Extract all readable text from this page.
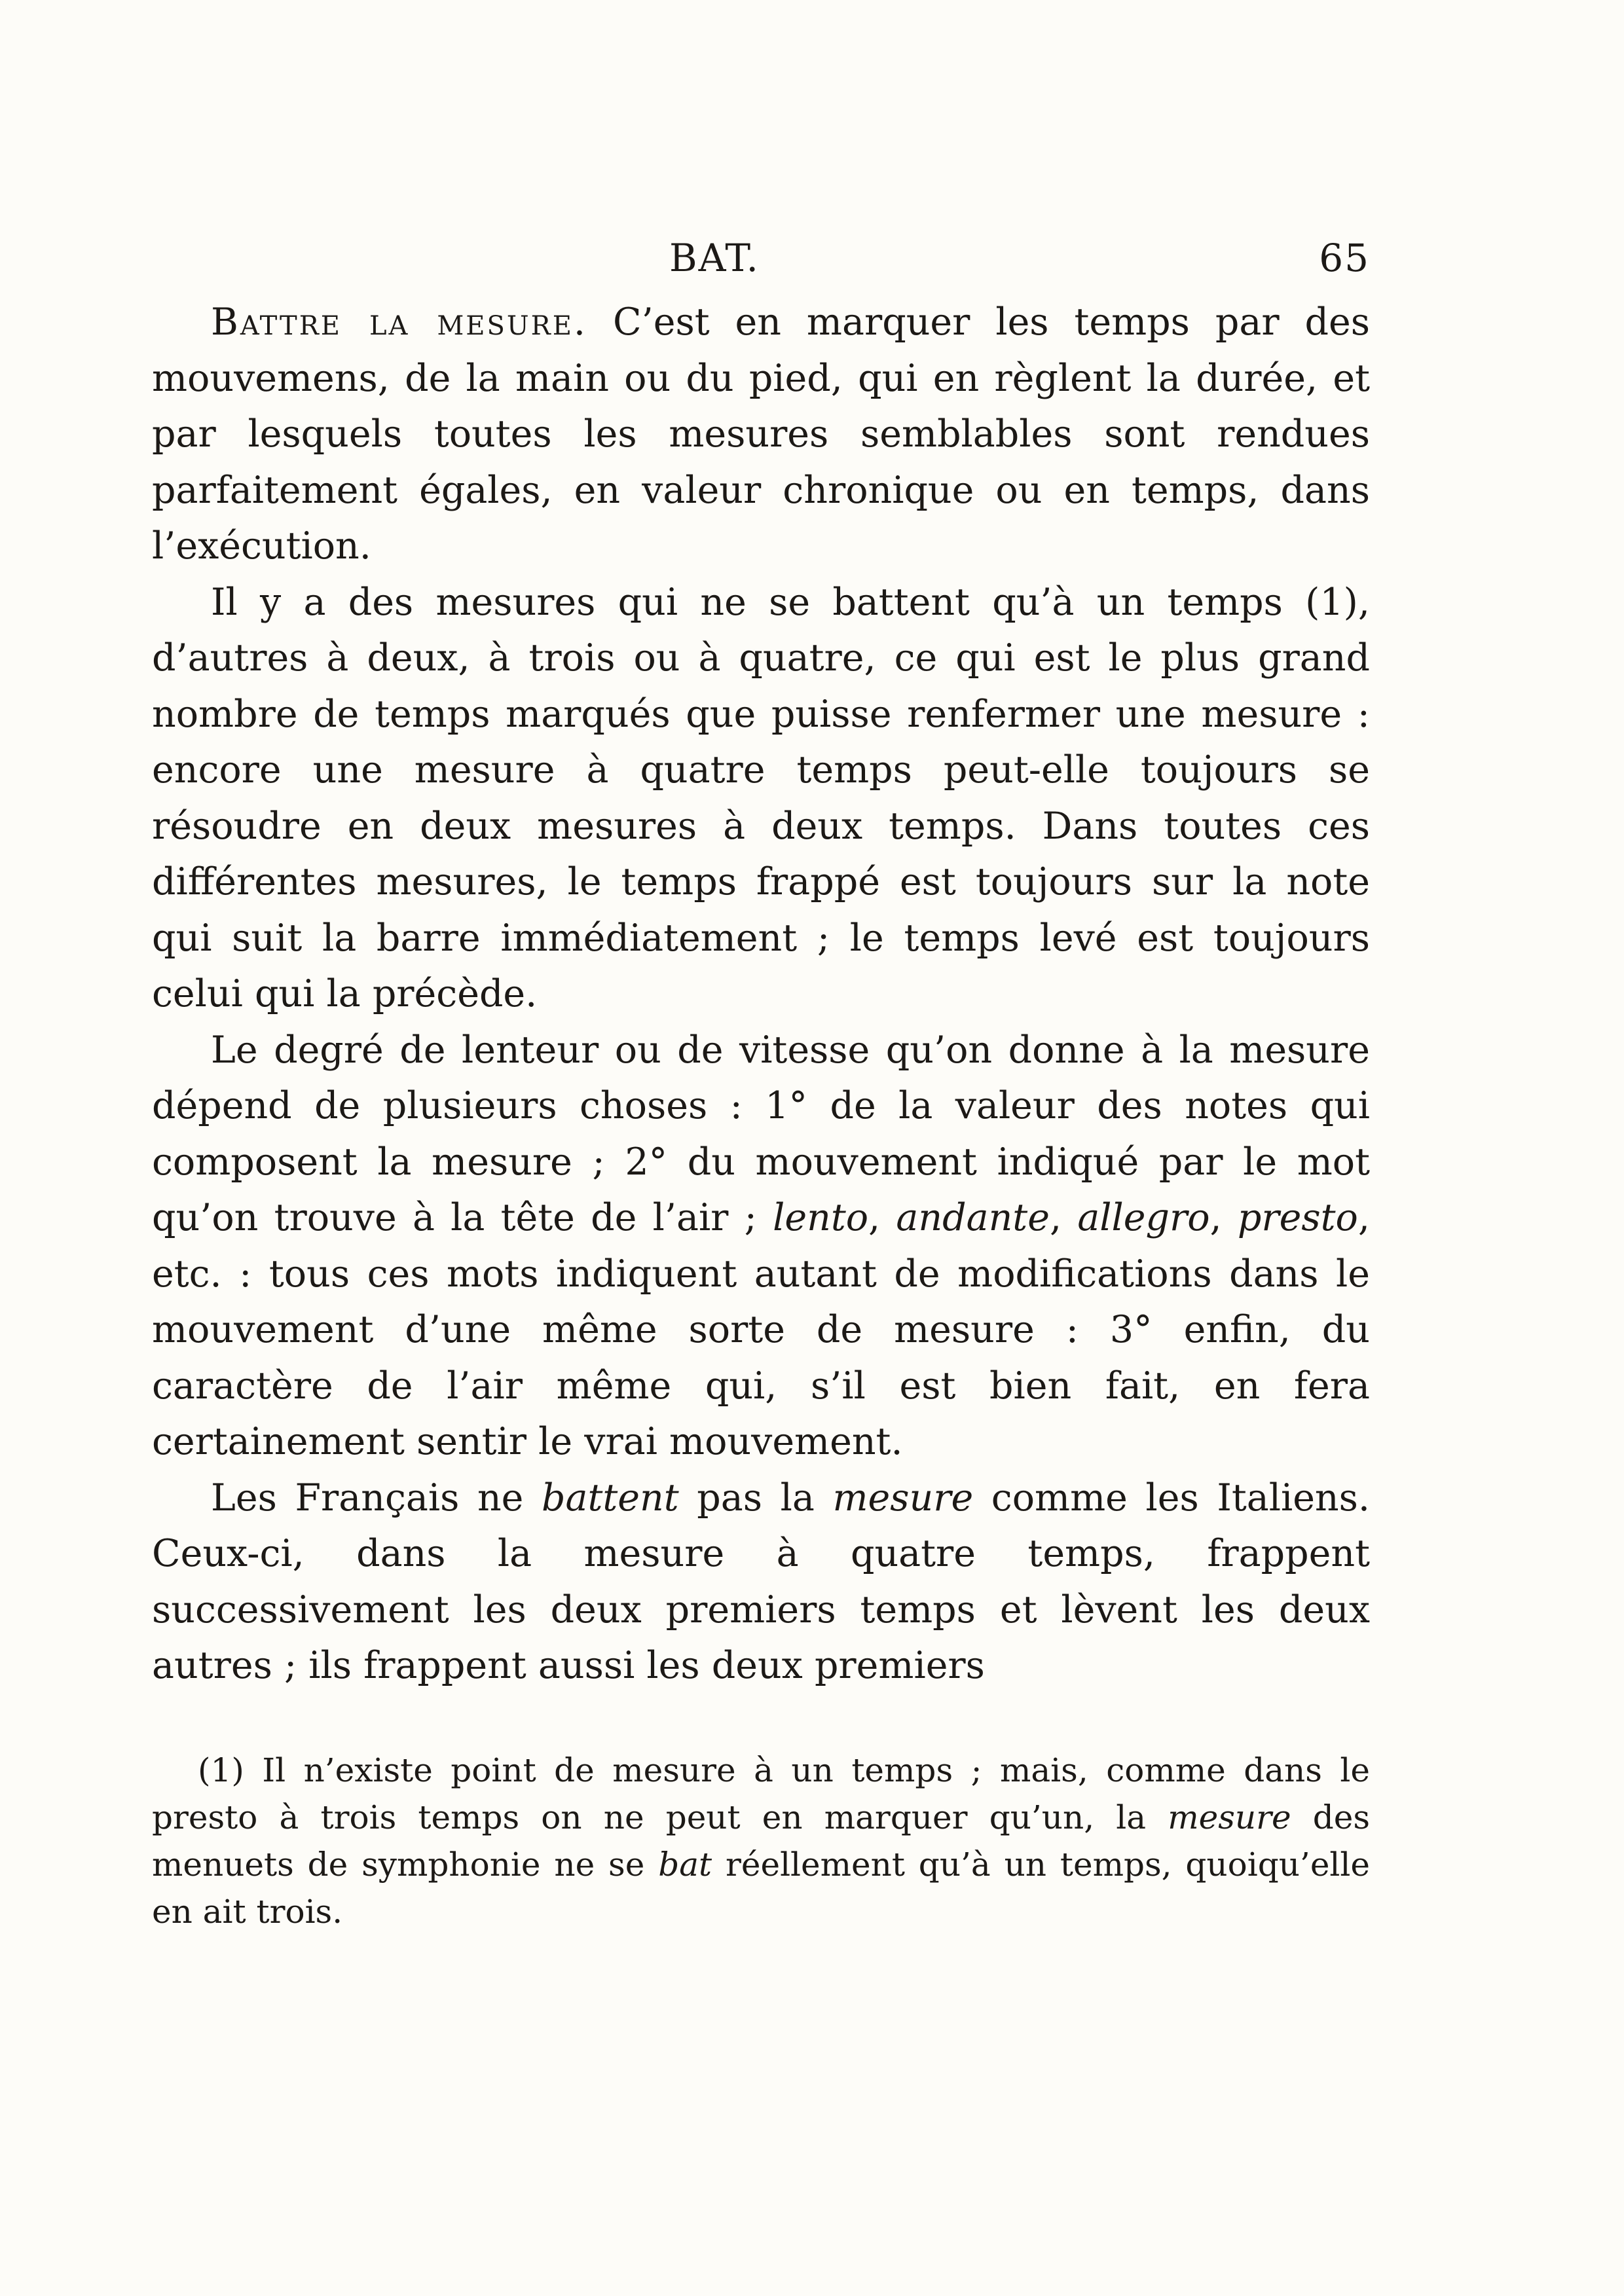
BAT.	65

Battre la mesure. C’est en marquer les temps par des mouvemens, de la main ou du pied, qui en règlent la durée, et par lesquels toutes les mesures semblables sont rendues parfaitement égales, en valeur chronique ou en temps, dans l’exécution.

Il y a des mesures qui ne se battent qu’à un temps (1), d’autres à deux, à trois ou à quatre, ce qui est le plus grand nombre de temps marqués que puisse renfermer une mesure : encore une mesure à quatre temps peut-elle toujours se résoudre en deux mesures à deux temps. Dans toutes ces différentes mesures, le temps frappé est toujours sur la note qui suit la barre immédiatement ; le temps levé est toujours celui qui la précède.

Le degré de lenteur ou de vitesse qu’on donne à la mesure dépend de plusieurs choses : 1° de la valeur des notes qui composent la mesure ; 2° du mouvement indiqué par le mot qu’on trouve à la tête de l’air ; lento, andante, allegro, presto, etc. : tous ces mots indiquent autant de modifications dans le mouvement d’une même sorte de mesure : 3° enfin, du caractère de l’air même qui, s’il est bien fait, en fera certainement sentir le vrai mouvement.

Les Français ne battent pas la mesure comme les Italiens. Ceux-ci, dans la mesure à quatre temps, frappent successivement les deux premiers temps et lèvent les deux autres ; ils frappent aussi les deux premiers

(1) Il n’existe point de mesure à un temps ; mais, comme dans le presto à trois temps on ne peut en marquer qu’un, la mesure des menuets de symphonie ne se bat réellement qu’à un temps, quoiqu’elle en ait trois.
